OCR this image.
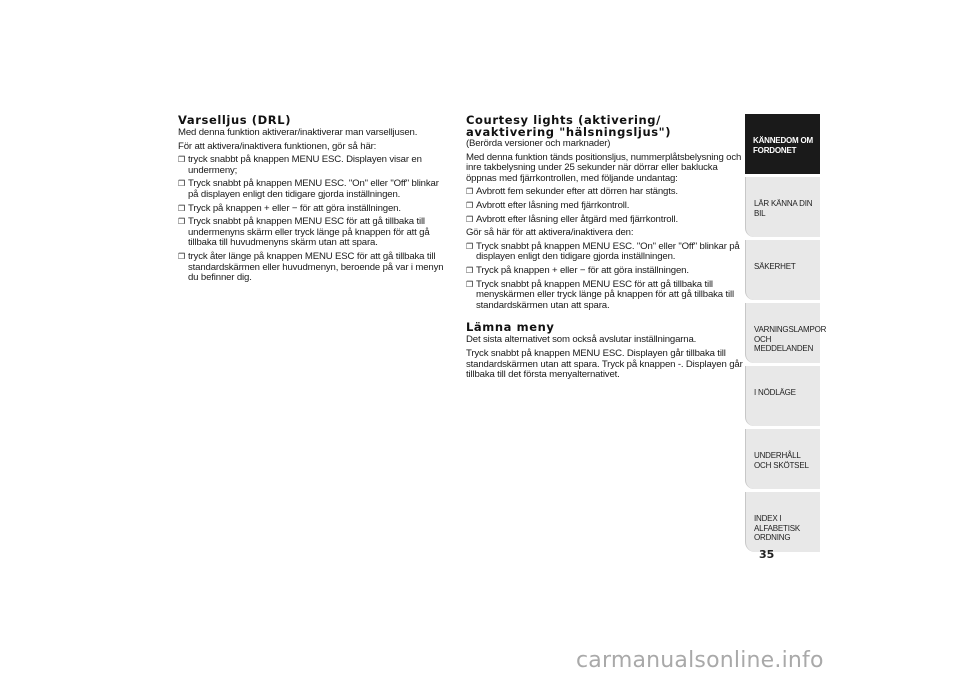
Varselljus (DRL)

Med denna funktion aktiverar/inaktiverar man varselljusen.

För att aktivera/inaktivera funktionen, gör så här:

❒ tryck snabbt på knappen MENU ESC. Displayen visar en undermeny;
❒ Tryck snabbt på knappen MENU ESC. "On" eller "Off" blinkar på displayen enligt den tidigare gjorda inställningen.
❒ Tryck på knappen + eller − för att göra inställningen.
❒ Tryck snabbt på knappen MENU ESC för att gå tillbaka till undermenyns skärm eller tryck länge på knappen för att gå tillbaka till huvudmenyns skärm utan att spara.
❒ tryck åter länge på knappen MENU ESC för att gå tillbaka till standardskärmen eller huvudmenyn, beroende på var i menyn du befinner dig.
Courtesy lights (aktivering/ avaktivering "hälsningsljus")

(Berörda versioner och marknader)

Med denna funktion tänds positionsljus, nummerplåtsbelysning och inre takbelysning under 25 sekunder när dörrar eller baklucka öppnas med fjärrkontrollen, med följande undantag:

❒ Avbrott fem sekunder efter att dörren har stängts.
❒ Avbrott efter låsning med fjärrkontroll.
❒ Avbrott efter låsning eller åtgärd med fjärrkontroll.

Gör så här för att aktivera/inaktivera den:

❒ Tryck snabbt på knappen MENU ESC. "On" eller "Off" blinkar på displayen enligt den tidigare gjorda inställningen.
❒ Tryck på knappen + eller − för att göra inställningen.
❒ Tryck snabbt på knappen MENU ESC för att gå tillbaka till menyskärmen eller tryck länge på knappen för att gå tillbaka till standardskärmen utan att spara.
Lämna meny

Det sista alternativet som också avslutar inställningarna.

Tryck snabbt på knappen MENU ESC. Displayen går tillbaka till standardskärmen utan att spara. Tryck på knappen -. Displayen går tillbaka till det första menyalternativet.

KÄNNEDOM OM FORDONET
LÄR KÄNNA DIN BIL
SÄKERHET
VARNINGSLAMPOR OCH MEDDELANDEN
I NÖDLÄGE
UNDERHÅLL OCH SKÖTSEL
INDEX I ALFABETISK ORDNING
35
carmanualsonline.info
